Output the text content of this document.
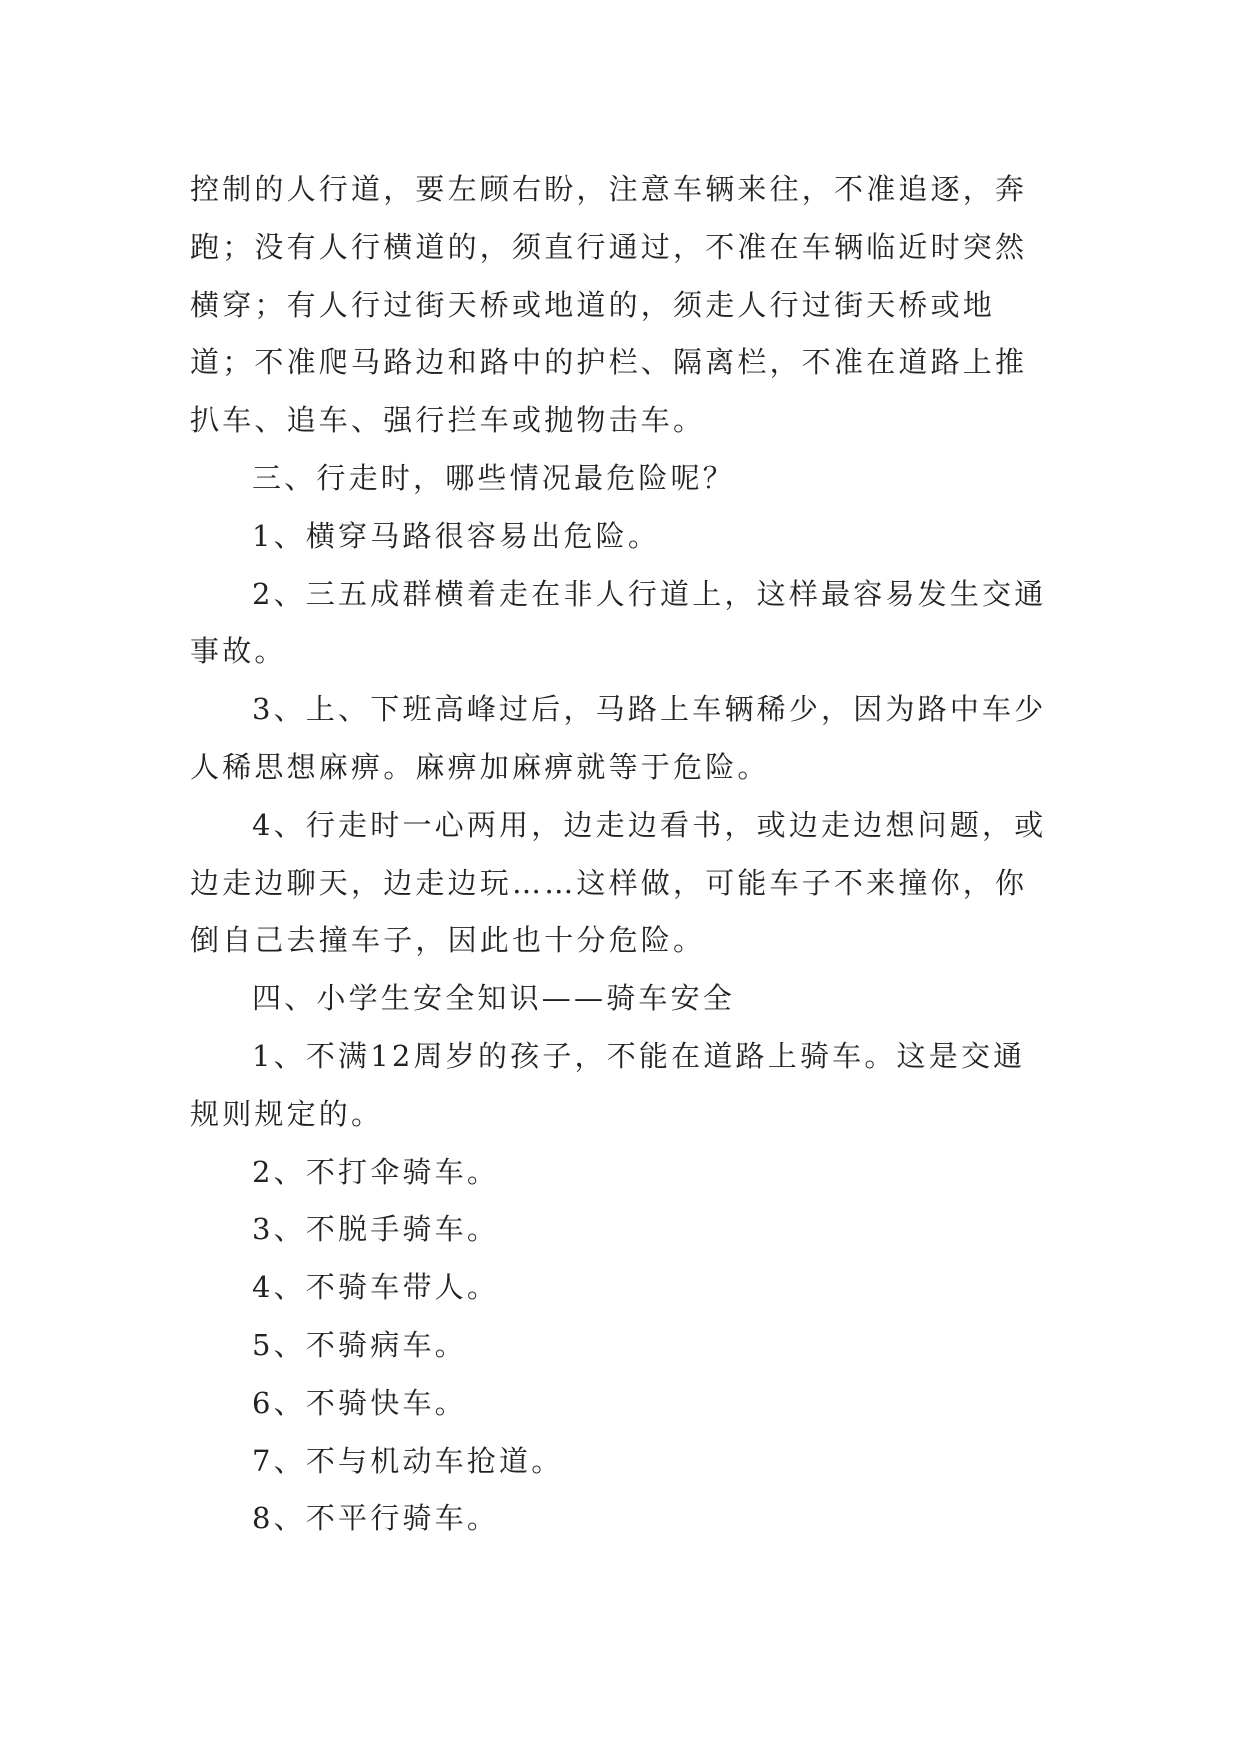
控制的人行道，要左顾右盼，注意车辆来往，不准追逐，奔跑；没有人行横道的，须直行通过，不准在车辆临近时突然横穿；有人行过街天桥或地道的，须走人行过街天桥或地道；不准爬马路边和路中的护栏、隔离栏，不准在道路上推扒车、追车、强行拦车或抛物击车。

三、行走时，哪些情况最危险呢？

1、横穿马路很容易出危险。

2、三五成群横着走在非人行道上，这样最容易发生交通事故。

3、上、下班高峰过后，马路上车辆稀少，因为路中车少人稀思想麻痹。麻痹加麻痹就等于危险。

4、行走时一心两用，边走边看书，或边走边想问题，或边走边聊天，边走边玩……这样做，可能车子不来撞你，你倒自己去撞车子，因此也十分危险。

四、小学生安全知识——骑车安全

1、不满12周岁的孩子，不能在道路上骑车。这是交通规则规定的。

2、不打伞骑车。

3、不脱手骑车。

4、不骑车带人。

5、不骑病车。

6、不骑快车。

7、不与机动车抢道。

8、不平行骑车。
